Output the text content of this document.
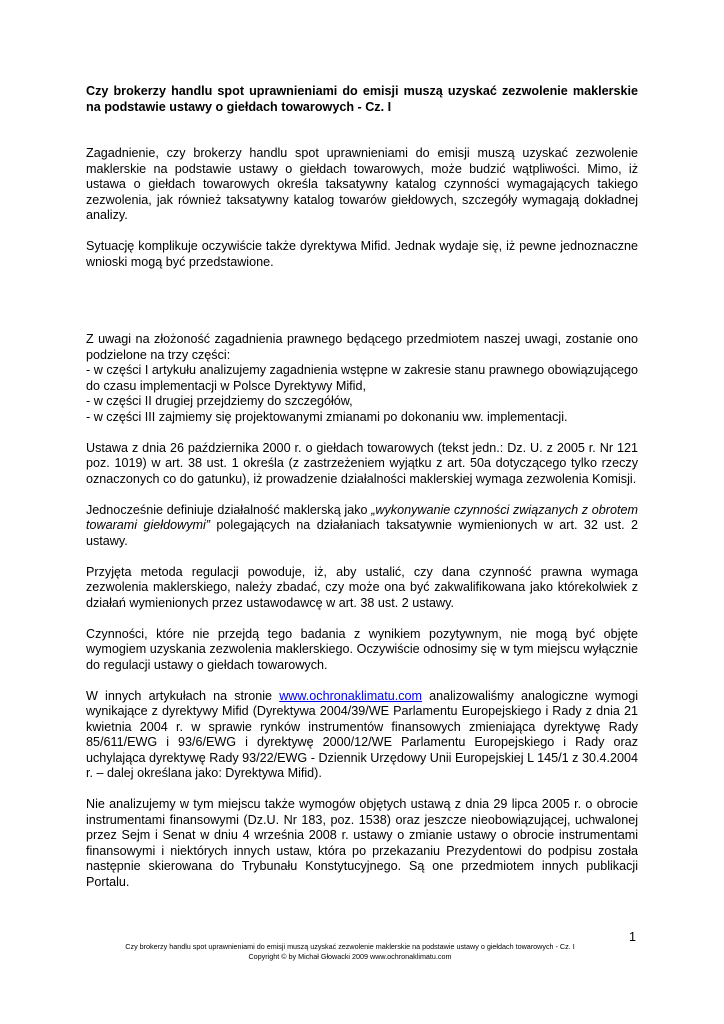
Czy brokerzy handlu spot uprawnieniami do emisji muszą uzyskać zezwolenie maklerskie na podstawie ustawy o giełdach towarowych - Cz. I

Zagadnienie, czy brokerzy handlu spot uprawnieniami do emisji muszą uzyskać zezwolenie maklerskie na podstawie ustawy o giełdach towarowych, może budzić wątpliwości. Mimo, iż ustawa o giełdach towarowych określa taksatywny katalog czynności wymagających takiego zezwolenia, jak również taksatywny katalog towarów giełdowych, szczegóły wymagają dokładnej analizy.

Sytuację komplikuje oczywiście także dyrektywa Mifid. Jednak wydaje się, iż pewne jednoznaczne wnioski mogą być przedstawione.

Z uwagi na złożoność zagadnienia prawnego będącego przedmiotem naszej uwagi, zostanie ono podzielone na trzy części:

- w części I artykułu analizujemy zagadnienia wstępne w zakresie stanu prawnego obowiązującego do czasu implementacji w Polsce Dyrektywy Mifid,

- w części II drugiej przejdziemy do szczegółów,

- w części III zajmiemy się projektowanymi zmianami po dokonaniu ww. implementacji.

Ustawa z dnia 26 października 2000 r. o giełdach towarowych (tekst jedn.: Dz. U. z 2005 r. Nr 121 poz. 1019) w art. 38 ust. 1 określa (z zastrzeżeniem wyjątku z art. 50a dotyczącego tylko rzeczy oznaczonych co do gatunku), iż prowadzenie działalności maklerskiej wymaga zezwolenia Komisji.

Jednocześnie definiuje działalność maklerską jako „wykonywanie czynności związanych z obrotem towarami giełdowymi” polegających na działaniach taksatywnie wymienionych w art. 32 ust. 2 ustawy.

Przyjęta metoda regulacji powoduje, iż, aby ustalić, czy dana czynność prawna wymaga zezwolenia maklerskiego, należy zbadać, czy może ona być zakwalifikowana jako którekolwiek z działań wymienionych przez ustawodawcę w art. 38 ust. 2 ustawy.

Czynności, które nie przejdą tego badania z wynikiem pozytywnym, nie mogą być objęte wymogiem uzyskania zezwolenia maklerskiego. Oczywiście odnosimy się w tym miejscu wyłącznie do regulacji ustawy o giełdach towarowych.

W innych artykułach na stronie www.ochronaklimatu.com analizowaliśmy analogiczne wymogi wynikające z dyrektywy Mifid (Dyrektywa 2004/39/WE Parlamentu Europejskiego i Rady z dnia 21 kwietnia 2004 r. w sprawie rynków instrumentów finansowych zmieniająca dyrektywę Rady 85/611/EWG i 93/6/EWG i dyrektywę 2000/12/WE Parlamentu Europejskiego i Rady oraz uchylająca dyrektywę Rady 93/22/EWG - Dziennik Urzędowy Unii Europejskiej L 145/1 z 30.4.2004 r. – dalej określana jako: Dyrektywa Mifid).

Nie analizujemy w tym miejscu także wymogów objętych ustawą z dnia 29 lipca 2005 r. o obrocie instrumentami finansowymi (Dz.U. Nr 183, poz. 1538) oraz jeszcze nieobowiązującej, uchwalonej przez Sejm i Senat w dniu 4 września 2008 r. ustawy o zmianie ustawy o obrocie instrumentami finansowymi i niektórych innych ustaw, która po przekazaniu Prezydentowi do podpisu została następnie skierowana do Trybunału Konstytucyjnego. Są one przedmiotem innych publikacji Portalu.

1
Czy brokerzy handlu spot uprawnieniami do emisji muszą uzyskać zezwolenie maklerskie na podstawie ustawy o giełdach towarowych - Cz. I
Copyright © by Michał Głowacki 2009 www.ochronaklimatu.com
